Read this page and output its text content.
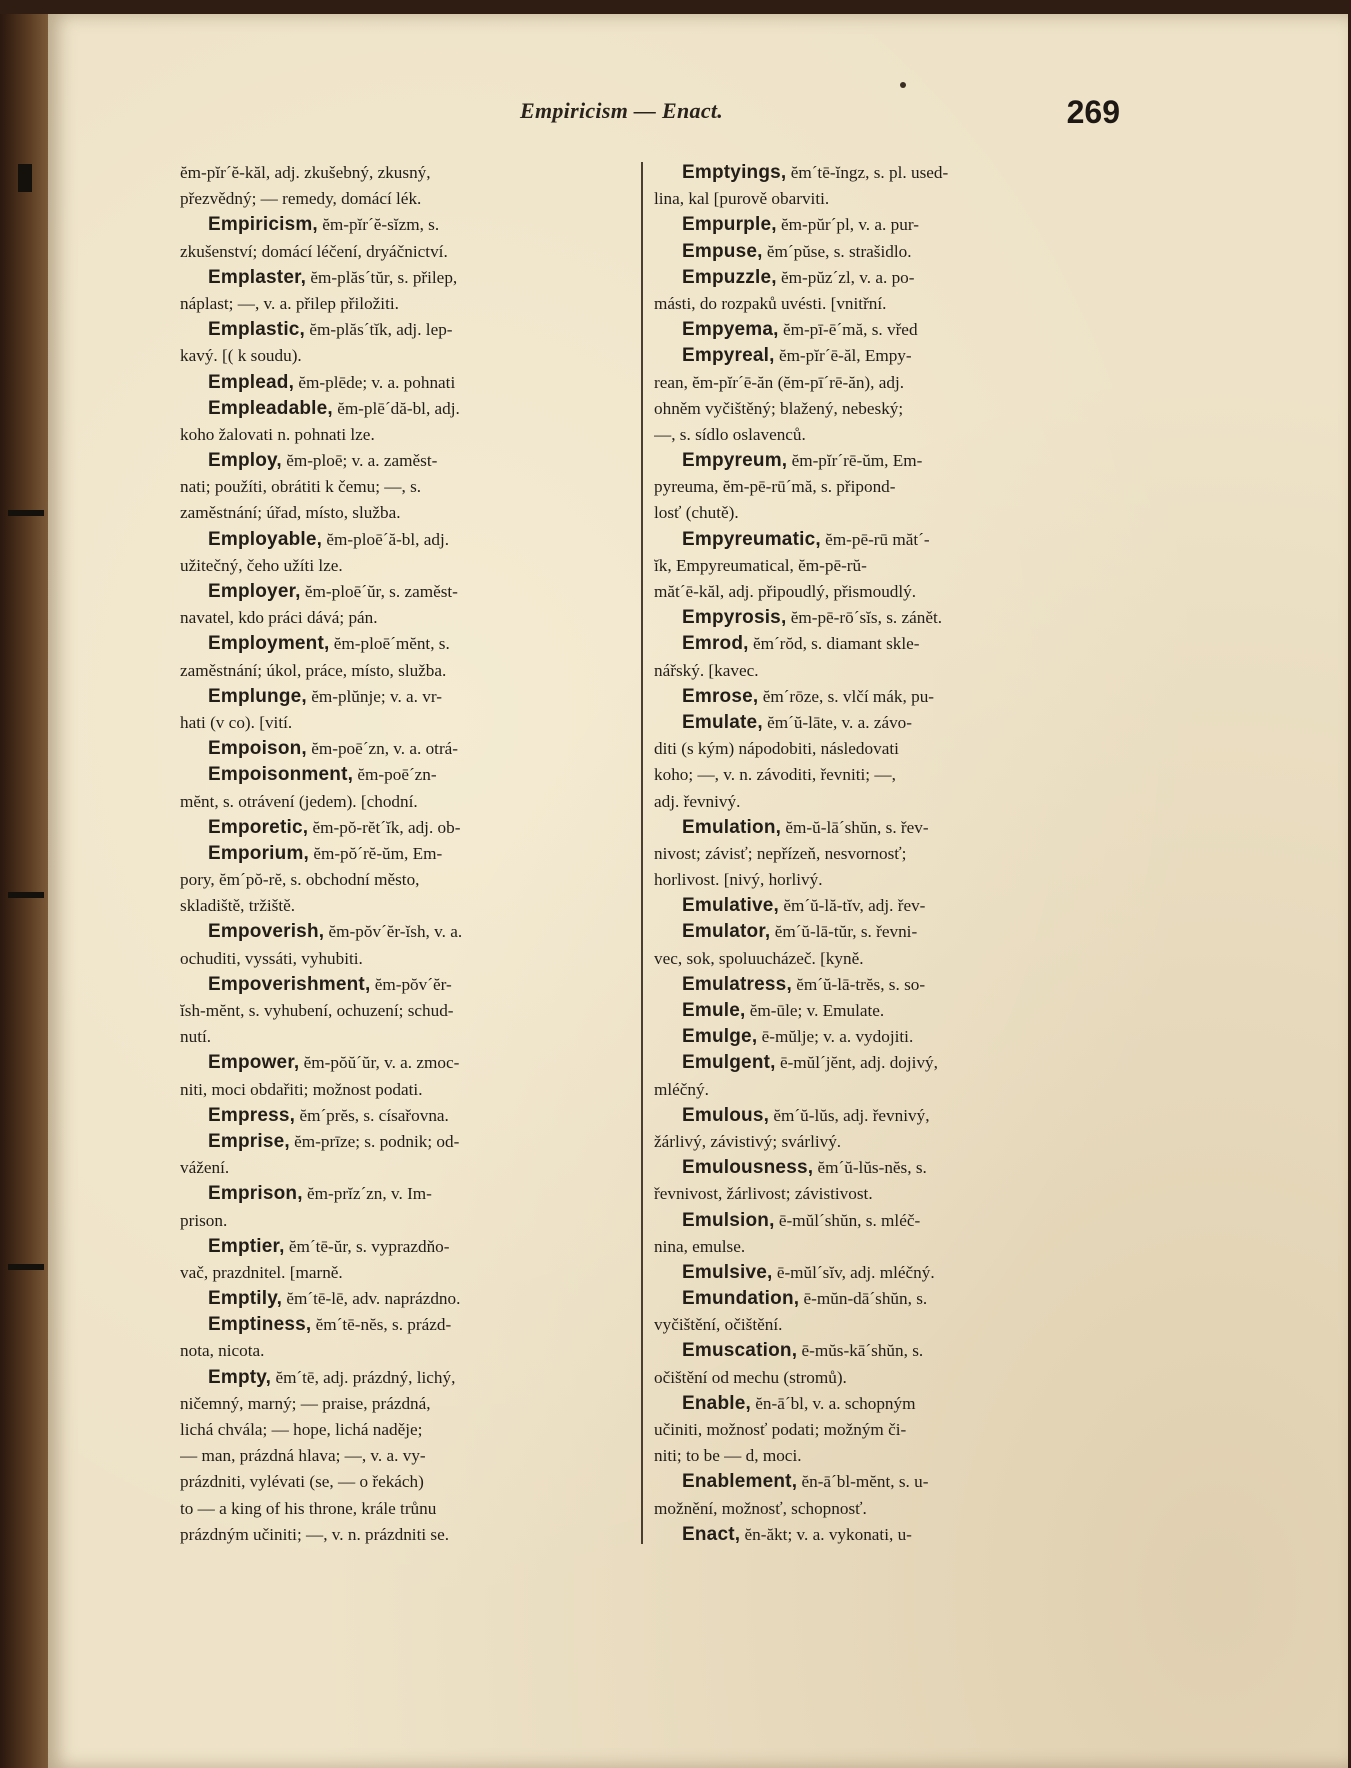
Empiricism — Enact.	269
ĕm-pĭr´ĕ-kăl, adj. zkušebný, zkusný,
přezvědný; — remedy, domácí lék.
Empiricism, ĕm-pĭr´ĕ-sĭzm, s.
zkušenství; domácí léčení, dryáčnictví.
Emplaster, ĕm-plăs´tŭr, s. přilep,
náplast; —, v. a. přilep přiložiti.
Emplastic, ĕm-plăs´tĭk, adj. lep-
kavý. [( k soudu).
Emplead, ĕm-plēde; v. a. pohnati
Empleadable, ĕm-plē´dă-bl, adj.
koho žalovati n. pohnati lze.
Employ, ĕm-ploē; v. a. zaměst-
nati; použíti, obrátiti k čemu; —, s.
zaměstnání; úřad, místo, služba.
Employable, ĕm-ploē´ă-bl, adj.
užitečný, čeho užíti lze.
Employer, ĕm-ploē´ŭr, s. zaměst-
navatel, kdo práci dává; pán.
Employment, ĕm-ploē´mĕnt, s.
zaměstnání; úkol, práce, místo, služba.
Emplunge, ĕm-plŭnje; v. a. vr-
hati (v co). [vití.
Empoison, ĕm-poē´zn, v. a. otrá-
Empoisonment, ĕm-poē´zn-
mĕnt, s. otrávení (jedem). [chodní.
Emporetic, ĕm-pŏ-rĕt´ĭk, adj. ob-
Emporium, ĕm-pŏ´rĕ-ŭm, Em-
pory, ĕm´pŏ-rĕ, s. obchodní město,
skladiště, tržiště.
Empoverish, ĕm-pŏv´ĕr-ĭsh, v. a.
ochuditi, vyssáti, vyhubiti.
Empoverishment, ĕm-pŏv´ĕr-
ĭsh-mĕnt, s. vyhubení, ochuzení; schud-
nutí.
Empower, ĕm-pŏŭ´ŭr, v. a. zmoc-
niti, moci obdařiti; možnost podati.
Empress, ĕm´prĕs, s. císařovna.
Emprise, ĕm-prīze; s. podnik; od-
vážení.
Emprison, ĕm-prĭz´zn, v. Im-
prison.
Emptier, ĕm´tē-ŭr, s. vyprazdňo-
vač, prazdnitel. [marně.
Emptily, ĕm´tē-lē, adv. naprázdno.
Emptiness, ĕm´tē-nĕs, s. prázd-
nota, nicota.
Empty, ĕm´tē, adj. prázdný, lichý,
ničemný, marný; — praise, prázdná,
lichá chvála; — hope, lichá naděje;
— man, prázdná hlava; —, v. a. vy-
prázdniti, vylévati (se, — o řekách)
to — a king of his throne, krále trůnu
prázdným učiniti; —, v. n. prázdniti se.
Emptyings, ĕm´tē-ĭngz, s. pl. used-
lina, kal [purově obarviti.
Empurple, ĕm-pŭr´pl, v. a. pur-
Empuse, ĕm´pŭse, s. strašidlo.
Empuzzle, ĕm-pŭz´zl, v. a. po-
másti, do rozpaků uvésti. [vnitřní.
Empyema, ĕm-pī-ē´mă, s. vřed
Empyreal, ĕm-pĭr´ē-ăl, Empy-
rean, ĕm-pĭr´ē-ăn (ĕm-pī´rē-ăn), adj.
ohněm vyčištěný; blažený, nebeský;
—, s. sídlo oslavenců.
Empyreum, ĕm-pĭr´rē-ŭm, Em-
pyreuma, ĕm-pē-rū´mă, s. připond-
losť (chutě).
Empyreumatic, ĕm-pē-rū măt´-
ĭk, Empyreumatical, ĕm-pē-rŭ-
măt´ē-kăl, adj. připoudlý, přismoudlý.
Empyrosis, ĕm-pē-rō´sĭs, s. zánět.
Emrod, ĕm´rŏd, s. diamant skle-
nářský. [kavec.
Emrose, ĕm´rōze, s. vlčí mák, pu-
Emulate, ĕm´ŭ-lāte, v. a. závo-
diti (s kým) nápodobiti, následovati
koho; —, v. n. závoditi, řevniti; —,
adj. řevnivý.
Emulation, ĕm-ŭ-lā´shŭn, s. řev-
nivost; závisť; nepřízeň, nesvornosť;
horlivost. [nivý, horlivý.
Emulative, ĕm´ŭ-lă-tĭv, adj. řev-
Emulator, ĕm´ŭ-lā-tŭr, s. řevni-
vec, sok, spoluucházeč. [kyně.
Emulatress, ĕm´ŭ-lā-trĕs, s. so-
Emule, ĕm-ūle; v. Emulate.
Emulge, ē-mŭlje; v. a. vydojiti.
Emulgent, ē-mŭl´jĕnt, adj. dojivý,
mléčný.
Emulous, ĕm´ŭ-lŭs, adj. řevnivý,
žárlivý, závistivý; svárlivý.
Emulousness, ĕm´ŭ-lŭs-nĕs, s.
řevnivost, žárlivost; závistivost.
Emulsion, ē-mŭl´shŭn, s. mléč-
nina, emulse.
Emulsive, ē-mŭl´sĭv, adj. mléčný.
Emundation, ē-mŭn-dā´shŭn, s.
vyčištění, očištění.
Emuscation, ē-mŭs-kā´shŭn, s.
očištění od mechu (stromů).
Enable, ĕn-ā´bl, v. a. schopným
učiniti, možnosť podati; možným či-
niti; to be — d, moci.
Enablement, ĕn-ā´bl-mĕnt, s. u-
možnění, možnosť, schopnosť.
Enact, ĕn-ăkt; v. a. vykonati, u-
